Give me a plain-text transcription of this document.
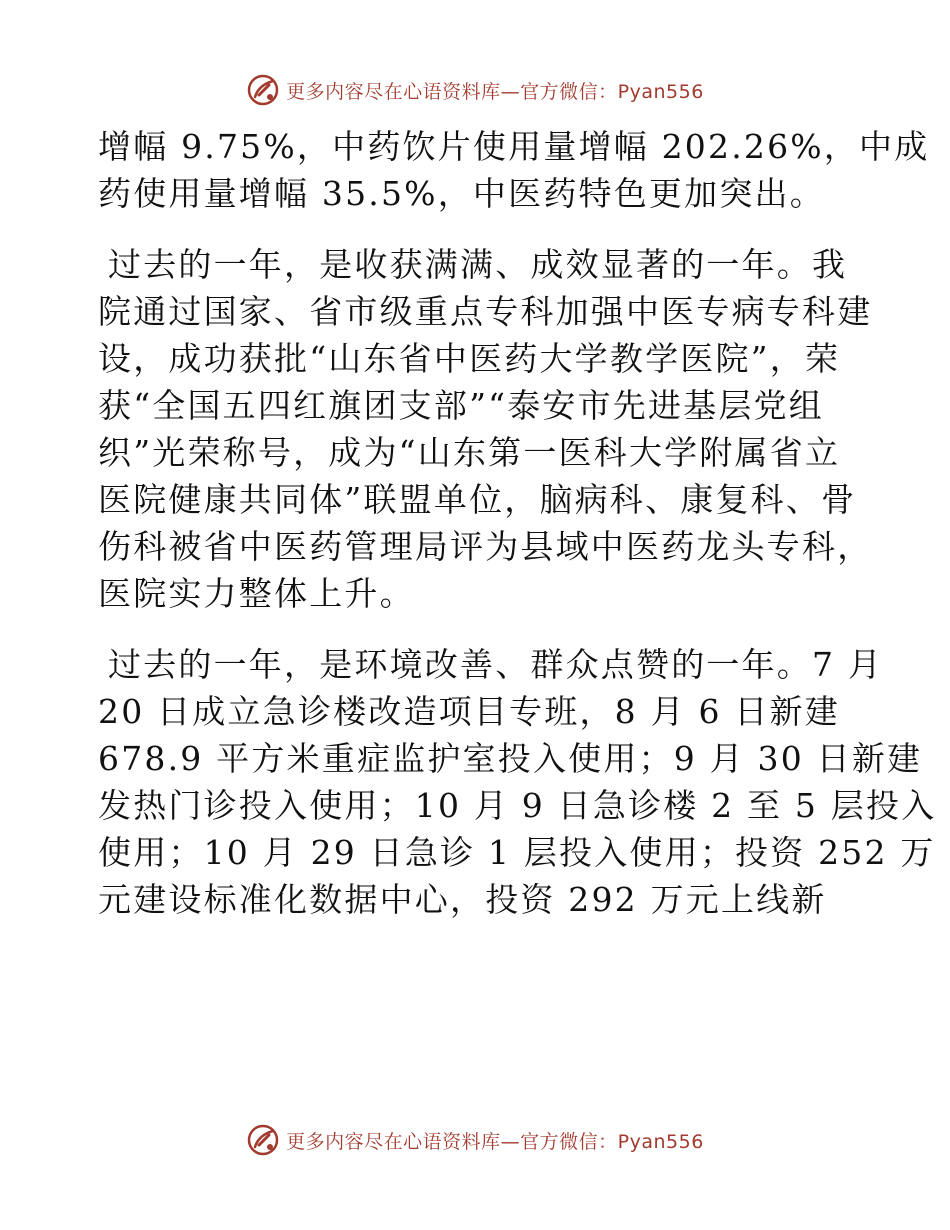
更多内容尽在心语资料库—官方微信：Pyan556
增幅 9.75%，中药饮片使用量增幅 202.26%，中成
药使用量增幅 35.5%，中医药特色更加突出。
过去的一年，是收获满满、成效显著的一年。我
院通过国家、省市级重点专科加强中医专病专科建
设，成功获批“山东省中医药大学教学医院”，荣
获“全国五四红旗团支部”“泰安市先进基层党组
织”光荣称号，成为“山东第一医科大学附属省立
医院健康共同体”联盟单位，脑病科、康复科、骨
伤科被省中医药管理局评为县域中医药龙头专科，
医院实力整体上升。
过去的一年，是环境改善、群众点赞的一年。7 月
20 日成立急诊楼改造项目专班，8 月 6 日新建
678.9 平方米重症监护室投入使用；9 月 30 日新建
发热门诊投入使用；10 月 9 日急诊楼 2 至 5 层投入
使用；10 月 29 日急诊 1 层投入使用；投资 252 万
元建设标准化数据中心，投资 292 万元上线新
更多内容尽在心语资料库—官方微信：Pyan556
